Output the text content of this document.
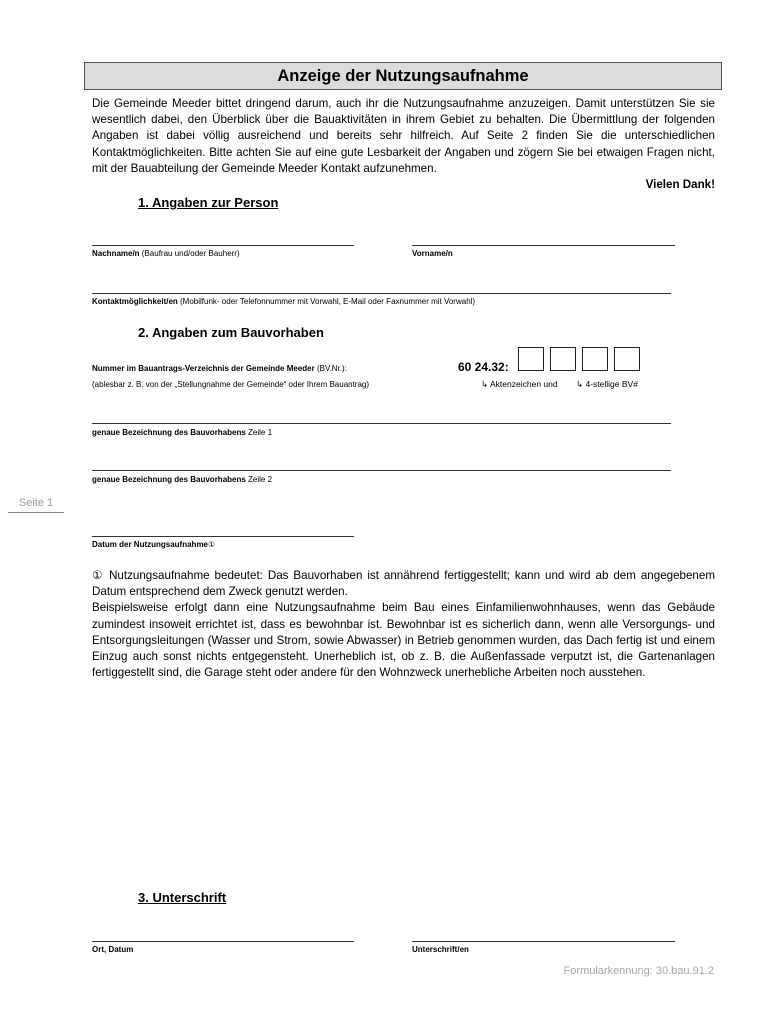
Anzeige der Nutzungsaufnahme
Die Gemeinde Meeder bittet dringend darum, auch ihr die Nutzungsaufnahme anzuzeigen. Damit unterstützen Sie sie wesentlich dabei, den Überblick über die Bauaktivitäten in ihrem Gebiet zu behalten. Die Übermittlung der folgenden Angaben ist dabei völlig ausreichend und bereits sehr hilfreich. Auf Seite 2 finden Sie die unterschiedlichen Kontaktmöglichkeiten. Bitte achten Sie auf eine gute Lesbarkeit der Angaben und zögern Sie bei etwaigen Fragen nicht, mit der Bauabteilung der Gemeinde Meeder Kontakt aufzunehmen.
Vielen Dank!
1. Angaben zur Person
Nachname/n (Baufrau und/oder Bauherr)	Vorname/n
Kontaktmöglichkeit/en (Mobilfunk- oder Telefonnummer mit Vorwahl, E-Mail oder Faxnummer mit Vorwahl)
2. Angaben zum Bauvorhaben
Nummer im Bauantrags-Verzeichnis der Gemeinde Meeder (BV.Nr.):
(ablesbar z. B. von der „Stellungnahme der Gemeinde“ oder Ihrem Bauantrag)
60 24.32:
↳ Aktenzeichen und ↳ 4-stellige BV#
genaue Bezeichnung des Bauvorhabens Zeile 1
genaue Bezeichnung des Bauvorhabens Zeile 2
Seite 1
Datum der Nutzungsaufnahme①
① Nutzungsaufnahme bedeutet: Das Bauvorhaben ist annährend fertiggestellt; kann und wird ab dem angegebenem Datum entsprechend dem Zweck genutzt werden.
Beispielsweise erfolgt dann eine Nutzungsaufnahme beim Bau eines Einfamilienwohnhauses, wenn das Gebäude zumindest insoweit errichtet ist, dass es bewohnbar ist. Bewohnbar ist es sicherlich dann, wenn alle Versorgungs- und Entsorgungsleitungen (Wasser und Strom, sowie Abwasser) in Betrieb genommen wurden, das Dach fertig ist und einem Einzug auch sonst nichts entgegensteht. Unerheblich ist, ob z. B. die Außenfassade verputzt ist, die Gartenanlagen fertiggestellt sind, die Garage steht oder andere für den Wohnzweck unerhebliche Arbeiten noch ausstehen.
3. Unterschrift
Ort, Datum	Unterschrift/en
Formularkennung: 30.bau.91.2
